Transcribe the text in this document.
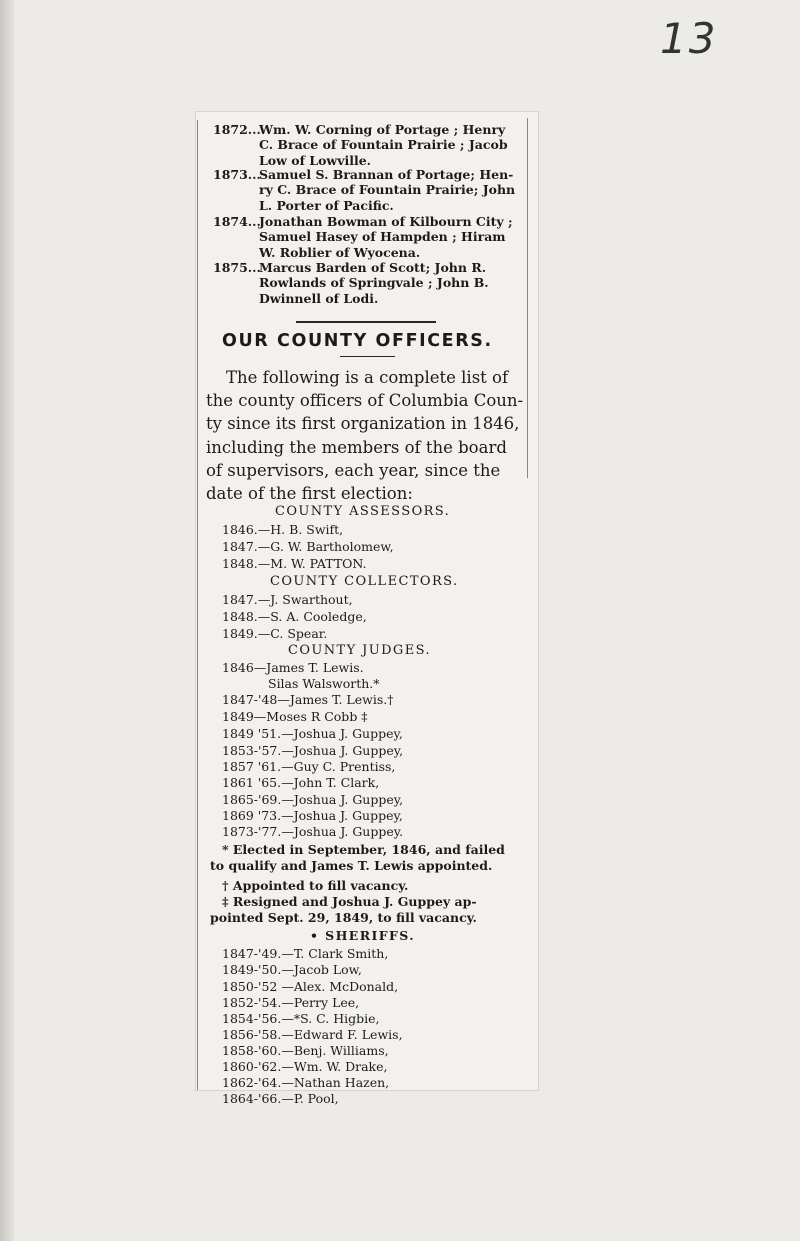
13
1872...Wm. W. Corning of Portage ; Henry
C. Brace of Fountain Prairie ; Jacob
Low of Lowville.
1873...Samuel S. Brannan of Portage; Hen-
ry C. Brace of Fountain Prairie; John
L. Porter of Pacific.
1874...Jonathan Bowman of Kilbourn City ;
Samuel Hasey of Hampden ; Hiram
W. Roblier of Wyocena.
1875...Marcus Barden of Scott; John R.
Rowlands of Springvale ; John B.
Dwinnell of Lodi.
OUR COUNTY OFFICERS.
The following is a complete list of
the county officers of Columbia Coun-
ty since its first organization in 1846,
including the members of the board
of supervisors, each year, since the
date of the first election:
COUNTY ASSESSORS.
1846.—H. B. Swift,
1847.—G. W. Bartholomew,
1848.—M. W. PATTON.
COUNTY COLLECTORS.
1847.—J. Swarthout,
1848.—S. A. Cooledge,
1849.—C. Spear.
COUNTY JUDGES.
1846—James T. Lewis.
Silas Walsworth.*
1847-'48—James T. Lewis.†
1849—Moses R Cobb ‡
1849 '51.—Joshua J. Guppey,
1853-'57.—Joshua J. Guppey,
1857 '61.—Guy C. Prentiss,
1861 '65.—John T. Clark,
1865-'69.—Joshua J. Guppey,
1869 '73.—Joshua J. Guppey,
1873-'77.—Joshua J. Guppey.
* Elected in September, 1846, and failed
to qualify and James T. Lewis appointed.
† Appointed to fill vacancy.
‡ Resigned and Joshua J. Guppey ap-
pointed Sept. 29, 1849, to fill vacancy.
• SHERIFFS.
1847-'49.—T. Clark Smith,
1849-'50.—Jacob Low,
1850-'52 —Alex. McDonald,
1852-'54.—Perry Lee,
1854-'56.—*S. C. Higbie,
1856-'58.—Edward F. Lewis,
1858-'60.—Benj. Williams,
1860-'62.—Wm. W. Drake,
1862-'64.—Nathan Hazen,
1864-'66.—P. Pool,
